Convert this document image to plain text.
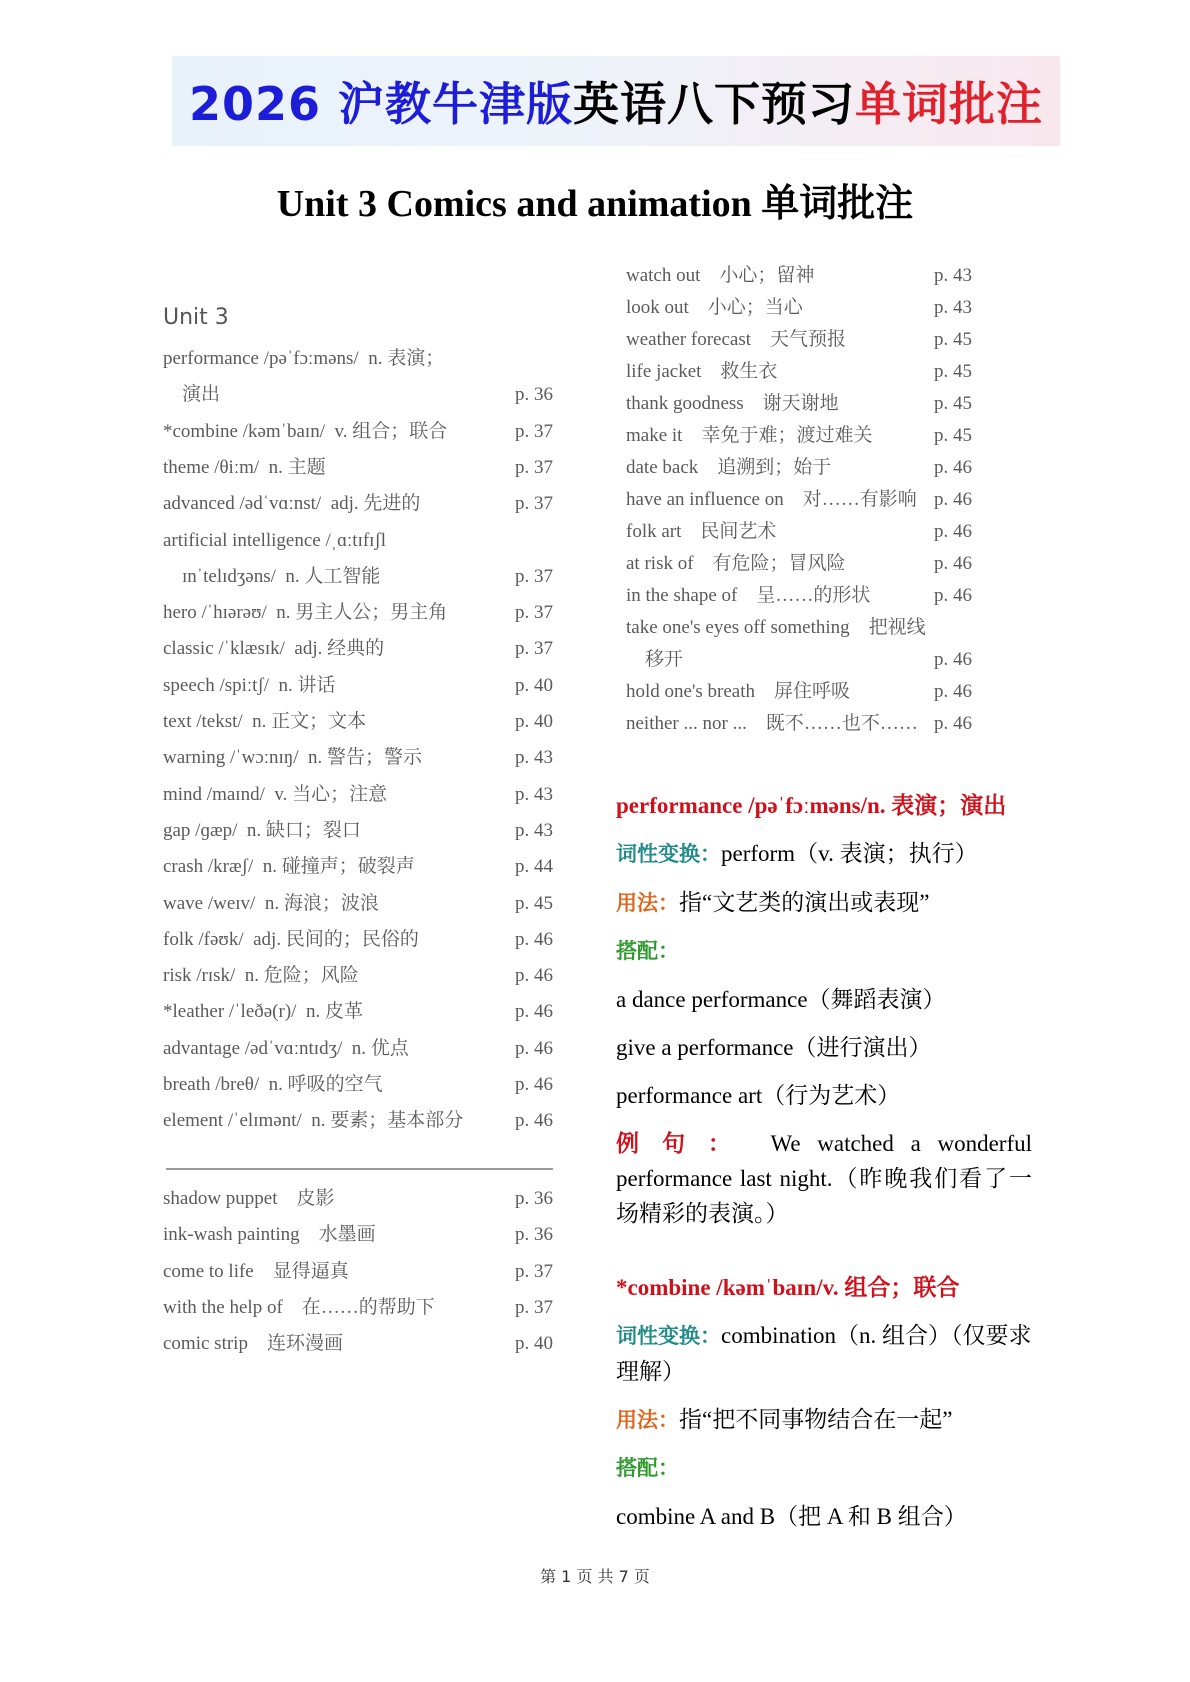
2026 沪教牛津版 英语八下预习 单词批注
Unit 3 Comics and animation 单词批注
Unit 3
performance /pəˈfɔːməns/  n. 表演；
演出	p. 36
*combine /kəmˈbaɪn/  v. 组合；联合	p. 37
theme /θiːm/  n. 主题	p. 37
advanced /ədˈvɑːnst/  adj. 先进的	p. 37
artificial intelligence /ˌɑːtɪfɪʃl
ɪnˈtelɪdʒəns/  n. 人工智能	p. 37
hero /ˈhɪərəʊ/  n. 男主人公；男主角	p. 37
classic /ˈklæsɪk/  adj. 经典的	p. 37
speech /spiːtʃ/  n. 讲话	p. 40
text /tekst/  n. 正文；文本	p. 40
warning /ˈwɔːnɪŋ/  n. 警告；警示	p. 43
mind /maɪnd/  v. 当心；注意	p. 43
gap /ɡæp/  n. 缺口；裂口	p. 43
crash /kræʃ/  n. 碰撞声；破裂声	p. 44
wave /weɪv/  n. 海浪；波浪	p. 45
folk /fəʊk/  adj. 民间的；民俗的	p. 46
risk /rɪsk/  n. 危险；风险	p. 46
*leather /ˈleðə(r)/  n. 皮革	p. 46
advantage /ədˈvɑːntɪdʒ/  n. 优点	p. 46
breath /breθ/  n. 呼吸的空气	p. 46
element /ˈelɪmənt/  n. 要素；基本部分	p. 46
shadow puppet    皮影	p. 36
ink-wash painting    水墨画	p. 36
come to life    显得逼真	p. 37
with the help of    在……的帮助下	p. 37
comic strip    连环漫画	p. 40
watch out    小心；留神	p. 43
look out    小心；当心	p. 43
weather forecast    天气预报	p. 45
life jacket    救生衣	p. 45
thank goodness    谢天谢地	p. 45
make it    幸免于难；渡过难关	p. 45
date back    追溯到；始于	p. 46
have an influence on    对……有影响 p. 46
folk art    民间艺术	p. 46
at risk of    有危险；冒风险	p. 46
in the shape of    呈……的形状	p. 46
take one's eyes off something    把视线
移开	p. 46
hold one's breath    屏住呼吸	p. 46
neither ... nor ...    既不……也不…… p. 46
performance /pəˈfɔːməns/n. 表演；演出
词性变换：perform（v. 表演；执行）
用法：指“文艺类的演出或表现”
搭配：
a dance performance（舞蹈表演）
give a performance（进行演出）
performance art（行为艺术）
例句： We watched a wonderful performance last night.（昨晚我们看了一场精彩的表演。）
*combine /kəmˈbaɪn/v. 组合；联合
词性变换：combination（n. 组合）（仅要求理解）
用法：指“把不同事物结合在一起”
搭配：
combine A and B（把 A 和 B 组合）
第 1 页 共 7 页
